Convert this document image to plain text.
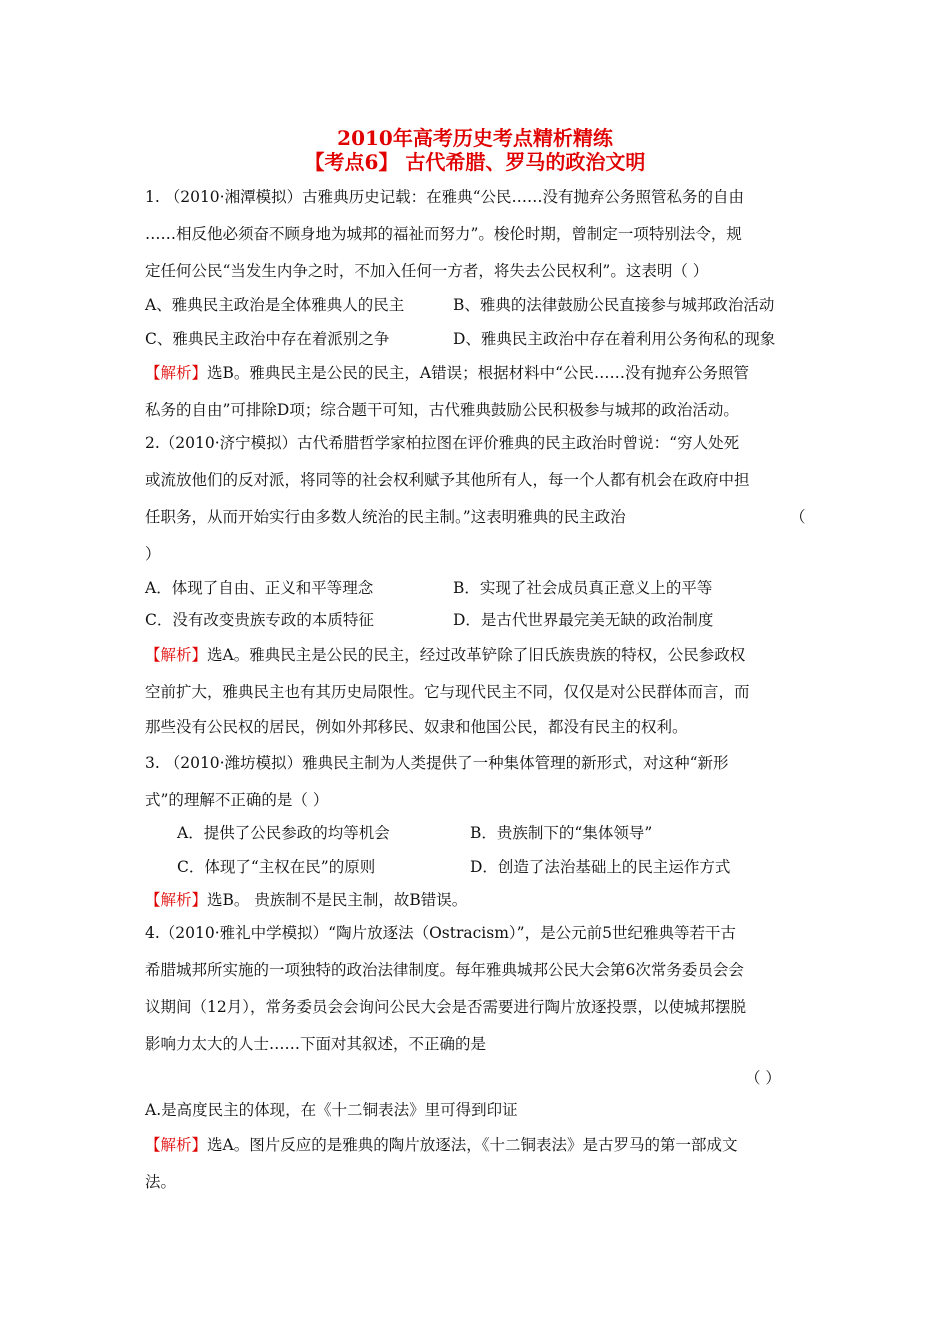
2010年高考历史考点精析精练
【考点6】 古代希腊、罗马的政治文明
1. （2010·湘潭模拟）古雅典历史记载：在雅典“公民……没有抛弃公务照管私务的自由
……相反他必须奋不顾身地为城邦的福祉而努力”。梭伦时期，曾制定一项特别法令，规
定任何公民“当发生内争之时，不加入任何一方者，将失去公民权利”。这表明（ ）
A、雅典民主政治是全体雅典人的民主	B、雅典的法律鼓励公民直接参与城邦政治活动
C、雅典民主政治中存在着派别之争	D、雅典民主政治中存在着利用公务徇私的现象
【解析】选B。雅典民主是公民的民主，A错误；根据材料中“公民……没有抛弃公务照管
私务的自由”可排除D项；综合题干可知，古代雅典鼓励公民积极参与城邦的政治活动。
2.（2010·济宁模拟）古代希腊哲学家柏拉图在评价雅典的民主政治时曾说：“穷人处死
或流放他们的反对派，将同等的社会权利赋予其他所有人，每一个人都有机会在政府中担
任职务，从而开始实行由多数人统治的民主制。”这表明雅典的民主政治	（
）
A．体现了自由、正义和平等理念	B．实现了社会成员真正意义上的平等
C．没有改变贵族专政的本质特征	D．是古代世界最完美无缺的政治制度
【解析】选A。雅典民主是公民的民主，经过改革铲除了旧氏族贵族的特权，公民参政权
空前扩大，雅典民主也有其历史局限性。它与现代民主不同，仅仅是对公民群体而言，而
那些没有公民权的居民，例如外邦移民、奴隶和他国公民，都没有民主的权利。
3. （2010·潍坊模拟）雅典民主制为人类提供了一种集体管理的新形式，对这种“新形
式”的理解不正确的是（ ）
A．提供了公民参政的均等机会	B．贵族制下的“集体领导”
C．体现了“主权在民”的原则	D．创造了法治基础上的民主运作方式
【解析】选B。 贵族制不是民主制，故B错误。
4.（2010·雅礼中学模拟）“陶片放逐法（Ostracism）”，是公元前5世纪雅典等若干古
希腊城邦所实施的一项独特的政治法律制度。每年雅典城邦公民大会第6次常务委员会会
议期间（12月），常务委员会会询问公民大会是否需要进行陶片放逐投票，以使城邦摆脱
影响力太大的人士……下面对其叙述，不正确的是
（ ）
A.是高度民主的体现，在《十二铜表法》里可得到印证
【解析】选A。图片反应的是雅典的陶片放逐法，《十二铜表法》是古罗马的第一部成文
法。
